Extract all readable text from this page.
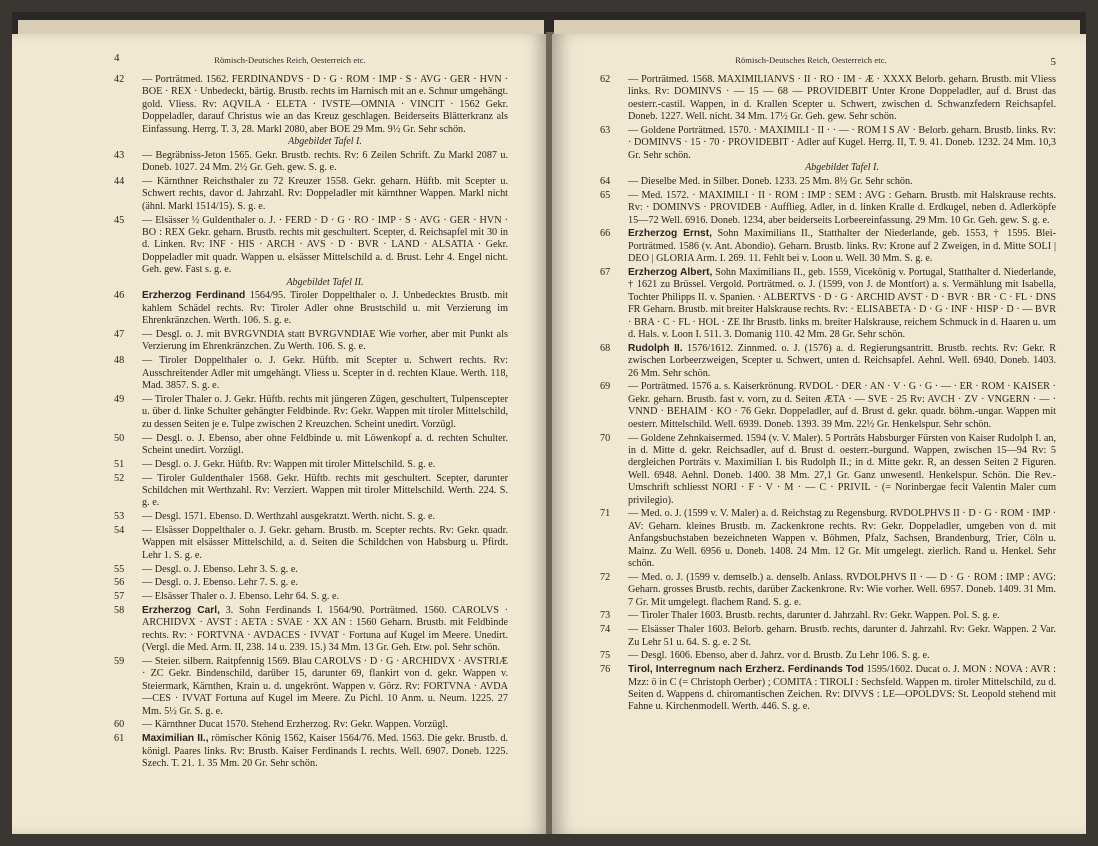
4	Römisch-Deutsches Reich, Oesterreich etc.

42	— Porträtmed. 1562. FERDINANDVS · D · G · ROM · IMP · S · AVG · GER · HVN · BOE · REX · Unbedeckt, bärtig. Brustb. rechts im Harnisch mit an e. Schnur umgehängt. gold. Vliess. Rv: AQVILA · ELETA · IVSTE—OMNIA · VINCIT · 1562 Gekr. Doppeladler, darauf Christus wie an das Kreuz geschlagen. Beiderseits Blätterkranz als Einfassung. Herrg. T. 3, 28. Markl 2080, aber BOE 29 Mm. 9½ Gr. Sehr schön.
Abgebildet Tafel I.

43	— Begräbniss-Jeton 1565. Gekr. Brustb. rechts. Rv: 6 Zeilen Schrift. Zu Markl 2087 u. Doneb. 1027. 24 Mm. 2½ Gr. Geh. gew. S. g. e.

44	— Kärnthner Reichsthaler zu 72 Kreuzer 1558. Gekr. geharn. Hüftb. mit Scepter u. Schwert rechts, davor d. Jahrzahl. Rv: Doppeladler mit kärnthner Wappen. Markl nicht (ähnl. Markl 1514/15). S. g. e.

45	— Elsässer ½ Guldenthaler o. J. · FERD · D · G · RO · IMP · S · AVG · GER · HVN · BO : REX Gekr. geharn. Brustb. rechts mit geschultert. Scepter, d. Reichsapfel mit 30 in d. Linken. Rv: INF · HIS · ARCH · AVS · D · BVR · LAND · ALSATIA · Gekr. Doppeladler mit quadr. Wappen u. elsässer Mittelschild a. d. Brust. Lehr 4. Engel nicht. Geh. gew. Fast s. g. e.
Abgebildet Tafel II.

46	Erzherzog Ferdinand 1564/95. Tiroler Doppelthaler o. J. Unbedecktes Brustb. mit kahlem Schädel rechts. Rv: Tiroler Adler ohne Brustschild u. mit Verzierung im Ehrenkränzchen. Werth. 106. S. g. e.

47	— Desgl. o. J. mit BVRGVNDIA statt BVRGVNDIAE Wie vorher, aber mit Punkt als Verzierung im Ehrenkränzchen. Zu Werth. 106. S. g. e.

48	— Tiroler Doppelthaler o. J. Gekr. Hüftb. mit Scepter u. Schwert rechts. Rv: Ausschreitender Adler mit umgehängt. Vliess u. Scepter in d. rechten Klaue. Werth. 118, Mad. 3857. S. g. e.

49	— Tiroler Thaler o. J. Gekr. Hüftb. rechts mit jüngeren Zügen, geschultert, Tulpenscepter u. über d. linke Schulter gehängter Feldbinde. Rv: Gekr. Wappen mit tiroler Mittelschild, zu dessen Seiten je e. Tulpe zwischen 2 Kreuzchen. Scheint unedirt. Vorzügl.

50	— Desgl. o. J. Ebenso, aber ohne Feldbinde u. mit Löwenkopf a. d. rechten Schulter. Scheint unedirt. Vorzügl.

51	— Desgl. o. J. Gekr. Hüftb. Rv: Wappen mit tiroler Mittelschild. S. g. e.

52	— Tiroler Guldenthaler 1568. Gekr. Hüftb. rechts mit geschultert. Scepter, darunter Schildchen mit Werthzahl. Rv: Verziert. Wappen mit tiroler Mittelschild. Werth. 224. S. g. e.

53	— Desgl. 1571. Ebenso. D. Werthzahl ausgekratzt. Werth. nicht. S. g. e.

54	— Elsässer Doppelthaler o. J. Gekr. geharn. Brustb. m. Scepter rechts. Rv: Gekr. quadr. Wappen mit elsässer Mittelschild, a. d. Seiten die Schildchen von Habsburg u. Pfirdt. Lehr 1. S. g. e.

55	— Desgl. o. J. Ebenso. Lehr 3. S. g. e.

56	— Desgl. o. J. Ebenso. Lehr 7. S. g. e.

57	— Elsässer Thaler o. J. Ebenso. Lehr 64. S. g. e.

58	Erzherzog Carl, 3. Sohn Ferdinands I. 1564/90. Porträtmed. 1560. CAROLVS · ARCHIDVX · AVST : AETA : SVAE · XX AN : 1560 Geharn. Brustb. mit Feldbinde rechts. Rv: · FORTVNA · AVDACES · IVVAT · Fortuna auf Kugel im Meere. Unedirt. (Vergl. die Med. Arm. II, 238. 14 u. 239. 15.) 34 Mm. 13 Gr. Geh. Etw. pol. Sehr schön.

59	— Steier. silbern. Raitpfennig 1569. Blau CAROLVS · D · G · ARCHIDVX · AVSTRIÆ · ZC Gekr. Bindenschild, darüber 15, darunter 69, flankirt von d. gekr. Wappen v. Steiermark, Kärnthen, Krain u. d. ungekrönt. Wappen v. Görz. Rv: FORTVNA · AVDA—CES · IVVAT Fortuna auf Kugel im Meere. Zu Pichl. 10 Anm. u. Neum. 1225. 27 Mm. 5½ Gr. S. g. e.

60	— Kärnthner Ducat 1570. Stehend Erzherzog. Rv: Gekr. Wappen. Vorzügl.

61	Maximilian II., römischer König 1562, Kaiser 1564/76. Med. 1563. Die gekr. Brustb. d. königl. Paares links. Rv: Brustb. Kaiser Ferdinands I. rechts. Well. 6907. Doneb. 1225. Szech. T. 21. 1. 35 Mm. 20 Gr. Sehr schön.

Römisch-Deutsches Reich, Oesterreich etc.	5

62	— Porträtmed. 1568. MAXIMILIANVS · II · RO · IM · Æ · XXXX Belorb. geharn. Brustb. mit Vliess links. Rv: DOMINVS · — 15 — 68 — PROVIDEBIT Unter Krone Doppeladler, auf d. Brust das oesterr.-castil. Wappen, in d. Krallen Scepter u. Schwert, zwischen d. Schwanzfedern Reichsapfel. Doneb. 1227. Well. nicht. 34 Mm. 17½ Gr. Geh. gew. Sehr schön.

63	— Goldene Porträtmed. 1570. · MAXIMILI · II · · — · ROM I S AV · Belorb. geharn. Brustb. links. Rv: · DOMINVS · 15 · 70 · PROVIDEBIT · Adler auf Kugel. Herrg. II, T. 9. 41. Doneb. 1232. 24 Mm. 10,3 Gr. Sehr schön.
Abgebildet Tafel I.

64	— Dieselbe Med. in Silber. Doneb. 1233. 25 Mm. 8½ Gr. Sehr schön.

65	— Med. 1572. · MAXIMILI · II · ROM : IMP : SEM : AVG : Geharn. Brustb. mit Halskrause rechts. Rv: · DOMINVS · PROVIDEB · Aufflieg. Adler, in d. linken Kralle d. Erdkugel, neben d. Adlerköpfe 15—72 Well. 6916. Doneb. 1234, aber beiderseits Lorbeereinfassung. 29 Mm. 10 Gr. Geh. gew. S. g. e.

66	Erzherzog Ernst, Sohn Maximilians II., Statthalter der Niederlande, geb. 1553, † 1595. Blei-Porträtmed. 1586 (v. Ant. Abondio). Geharn. Brustb. links. Rv: Krone auf 2 Zweigen, in d. Mitte SOLI | DEO | GLORIA Arm. I. 269. 11. Fehlt bei v. Loon u. Well. 30 Mm. S. g. e.

67	Erzherzog Albert, Sohn Maximilians II., geb. 1559, Vicekönig v. Portugal, Statthalter d. Niederlande, † 1621 zu Brüssel. Vergold. Porträtmed. o. J. (1599, von J. de Montfort) a. s. Vermählung mit Isabella, Tochter Philipps II. v. Spanien. · ALBERTVS · D · G · ARCHID AVST · D · BVR · BR · C · FL · DNS FR Geharn. Brustb. mit breiter Halskrause rechts. Rv: · ELISABETA · D · G · INF · HISP · D · — BVR · BRA · C · FL · HOL · ZE Ihr Brustb. links m. breiter Halskrause, reichem Schmuck in d. Haaren u. um d. Hals. v. Loon I. 511. 3. Domanig 110. 42 Mm. 28 Gr. Sehr schön.

68	Rudolph II. 1576/1612. Zinnmed. o. J. (1576) a. d. Regierungsantritt. Brustb. rechts. Rv: Gekr. R zwischen Lorbeerzweigen, Scepter u. Schwert, unten d. Reichsapfel. Aehnl. Well. 6940. Doneb. 1403. 26 Mm. Sehr schön.

69	— Porträtmed. 1576 a. s. Kaiserkrönung. RVDOL · DER · AN · V · G · G · — · ER · ROM · KAISER · Gekr. geharn. Brustb. fast v. vorn, zu d. Seiten ÆTA · — SVE · 25 Rv: AVCH · ZV · VNGERN · — · VNND · BEHAIM · KO · 76 Gekr. Doppeladler, auf d. Brust d. gekr. quadr. böhm.-ungar. Wappen mit oesterr. Mittelschild. Well. 6939. Doneb. 1393. 39 Mm. 22½ Gr. Henkelspur. Sehr schön.

70	— Goldene Zehnkaisermed. 1594 (v. V. Maler). 5 Porträts Habsburger Fürsten von Kaiser Rudolph I. an, in d. Mitte d. gekr. Reichsadler, auf d. Brust d. oesterr.-burgund. Wappen, zwischen 15—94 Rv: 5 dergleichen Porträts v. Maximilian I. bis Rudolph II.; in d. Mitte gekr. R, an dessen Seiten 2 Figuren. Well. 6948. Aehnl. Doneb. 1400. 38 Mm. 27,1 Gr. Ganz unwesentl. Henkelspur. Schön. Die Rev.-Umschrift schliesst NORI · F · V · M · — C · PRIVIL · (= Norinbergae fecit Valentin Maler cum privilegio).

71	— Med. o. J. (1599 v. V. Maler) a. d. Reichstag zu Regensburg. RVDOLPHVS II · D · G · ROM · IMP · AV: Geharn. kleines Brustb. m. Zackenkrone rechts. Rv: Gekr. Doppeladler, umgeben von d. mit Anfangsbuchstaben bezeichneten Wappen v. Böhmen, Pfalz, Sachsen, Brandenburg, Trier, Cöln u. Mainz. Zu Well. 6956 u. Doneb. 1408. 24 Mm. 12 Gr. Mit umgelegt. zierlich. Rand u. Henkel. Sehr schön.

72	— Med. o. J. (1599 v. demselb.) a. denselb. Anlass. RVDOLPHVS II · — D · G · ROM : IMP : AVG: Geharn. grosses Brustb. rechts, darüber Zackenkrone. Rv: Wie vorher. Well. 6957. Doneb. 1409. 31 Mm. 7 Gr. Mit umgelegt. flachem Rand. S. g. e.

73	— Tiroler Thaler 1603. Brustb. rechts, darunter d. Jahrzahl. Rv: Gekr. Wappen. Pol. S. g. e.

74	— Elsässer Thaler 1603. Belorb. geharn. Brustb. rechts, darunter d. Jahrzahl. Rv: Gekr. Wappen. 2 Var. Zu Lehr 51 u. 64. S. g. e. 2 St.

75	— Desgl. 1606. Ebenso, aber d. Jahrz. vor d. Brustb. Zu Lehr 106. S. g. e.

76	Tirol, Interregnum nach Erzherz. Ferdinands Tod 1595/1602. Ducat o. J. MON : NOVA : AVR : Mzz: ö in C (= Christoph Oerber) ; COMITA : TIROLI : Sechsfeld. Wappen m. tiroler Mittelschild, zu d. Seiten d. Wappens d. chiromantischen Zeichen. Rv: DIVVS : LE—OPOLDVS: St. Leopold stehend mit Fahne u. Kirchenmodell. Werth. 446. S. g. e.
